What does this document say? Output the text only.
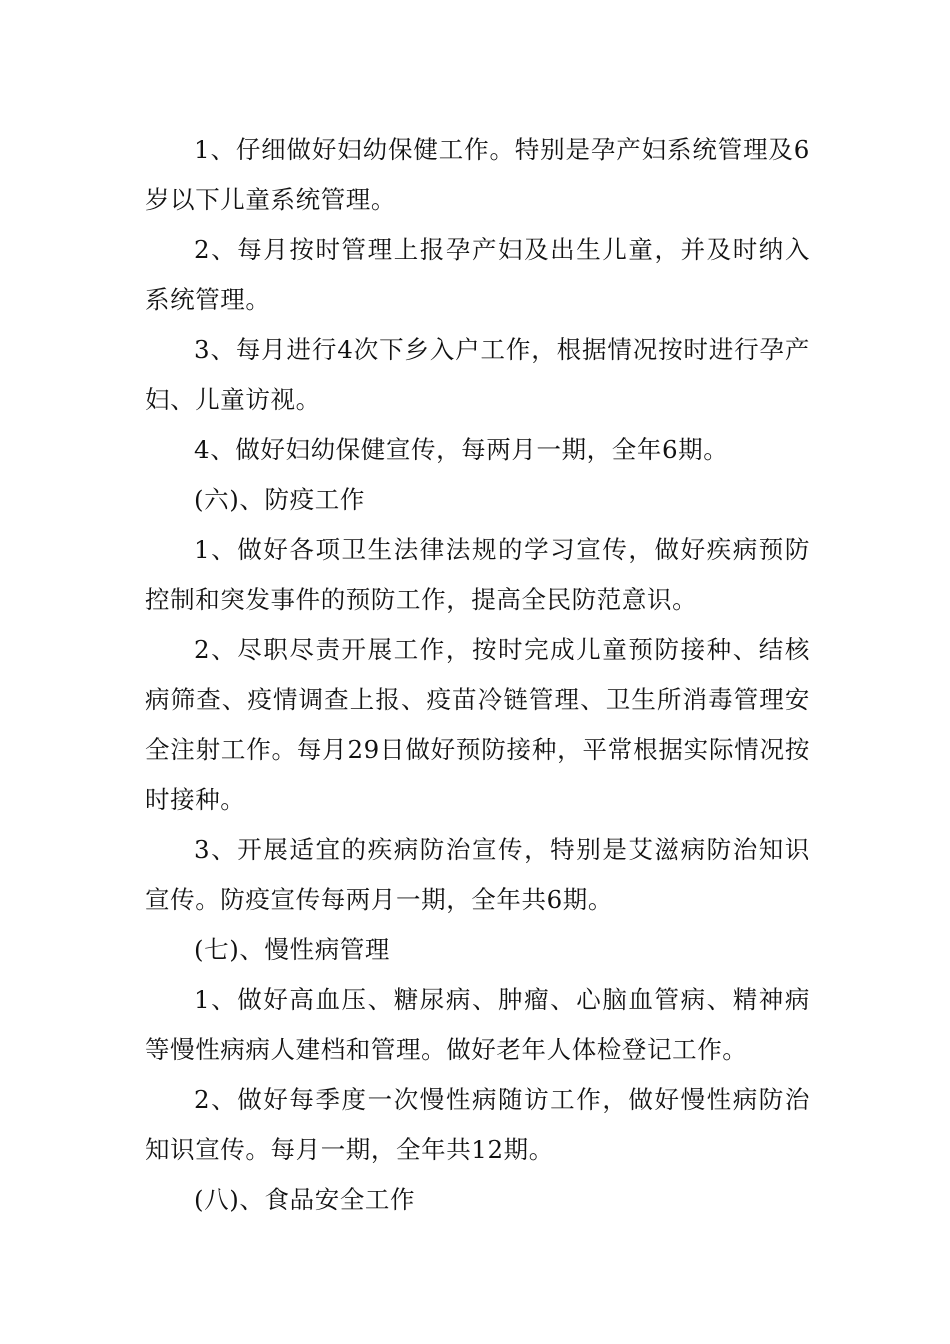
1、仔细做好妇幼保健工作。特别是孕产妇系统管理及6岁以下儿童系统管理。

2、每月按时管理上报孕产妇及出生儿童，并及时纳入系统管理。

3、每月进行4次下乡入户工作，根据情况按时进行孕产妇、儿童访视。

4、做好妇幼保健宣传，每两月一期，全年6期。

(六)、防疫工作

1、做好各项卫生法律法规的学习宣传，做好疾病预防控制和突发事件的预防工作，提高全民防范意识。

2、尽职尽责开展工作，按时完成儿童预防接种、结核病筛查、疫情调查上报、疫苗冷链管理、卫生所消毒管理安全注射工作。每月29日做好预防接种，平常根据实际情况按时接种。

3、开展适宜的疾病防治宣传，特别是艾滋病防治知识宣传。防疫宣传每两月一期，全年共6期。

(七)、慢性病管理

1、做好高血压、糖尿病、肿瘤、心脑血管病、精神病等慢性病病人建档和管理。做好老年人体检登记工作。

2、做好每季度一次慢性病随访工作，做好慢性病防治知识宣传。每月一期，全年共12期。

(八)、食品安全工作
